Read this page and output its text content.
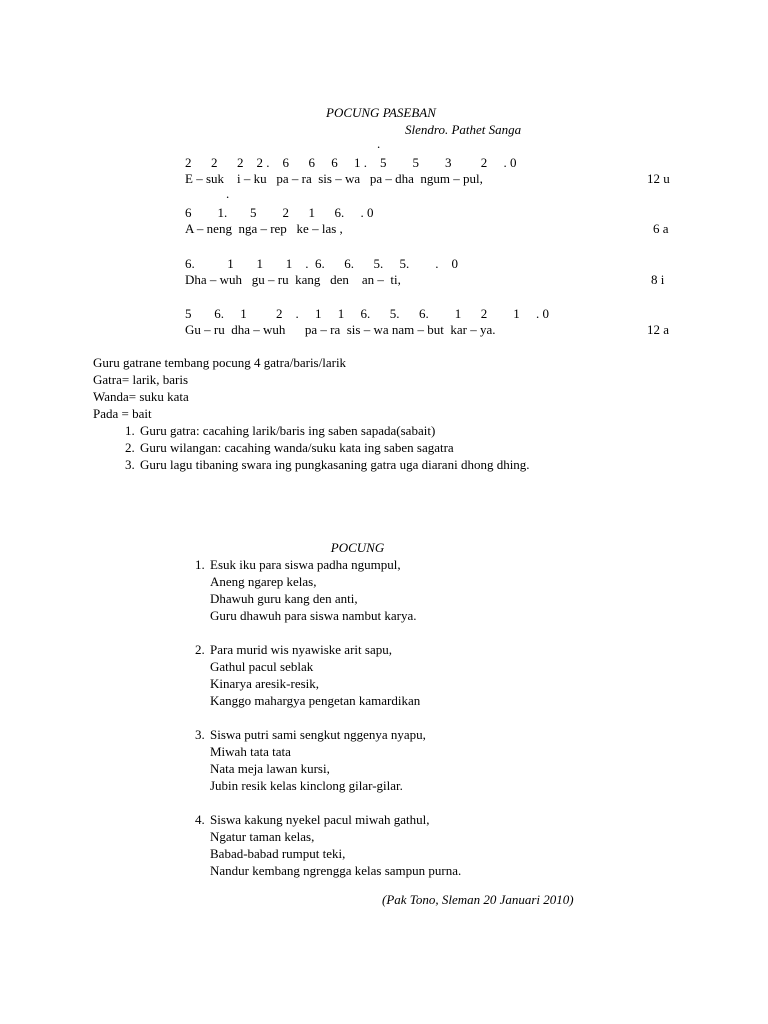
POCUNG PASEBAN
Slendro. Pathet Sanga
.
2      2      2    2 .    6      6     6     1 .    5        5        3         2     . 0
E – suk    i – ku   pa – ra  sis – wa   pa – dha  ngum – pul,	12 u
.
6        1.       5        2      1      6.     . 0
A – neng  nga – rep   ke – las ,	6 a
6.          1       1       1    .  6.      6.      5.     5.        .    0
Dha – wuh   gu – ru  kang   den    an –  ti,	8 i
5       6.     1         2    .     1     1     6.      5.      6.        1      2        1     . 0
Gu – ru  dha – wuh      pa – ra  sis – wa nam – but  kar – ya.	12 a
Guru gatrane tembang pocung 4 gatra/baris/larik
Gatra= larik, baris
Wanda= suku kata
Pada = bait
1. Guru gatra: cacahing larik/baris ing saben sapada(sabait)
2. Guru wilangan: cacahing wanda/suku kata ing saben sagatra
3. Guru lagu tibaning swara ing pungkasaning gatra uga diarani dhong dhing.
POCUNG
1. Esuk iku para siswa padha ngumpul,
Aneng ngarep kelas,
Dhawuh guru kang den anti,
Guru dhawuh para siswa nambut karya.
2. Para murid wis nyawiske arit sapu,
Gathul pacul seblak
Kinarya aresik-resik,
Kanggo mahargya pengetan kamardikan
3. Siswa putri sami sengkut nggenya nyapu,
Miwah tata tata
Nata meja lawan kursi,
Jubin resik kelas kinclong gilar-gilar.
4. Siswa kakung nyekel pacul miwah gathul,
Ngatur taman kelas,
Babad-babad rumput teki,
Nandur kembang ngrengga kelas sampun purna.
(Pak Tono, Sleman 20 Januari 2010)
